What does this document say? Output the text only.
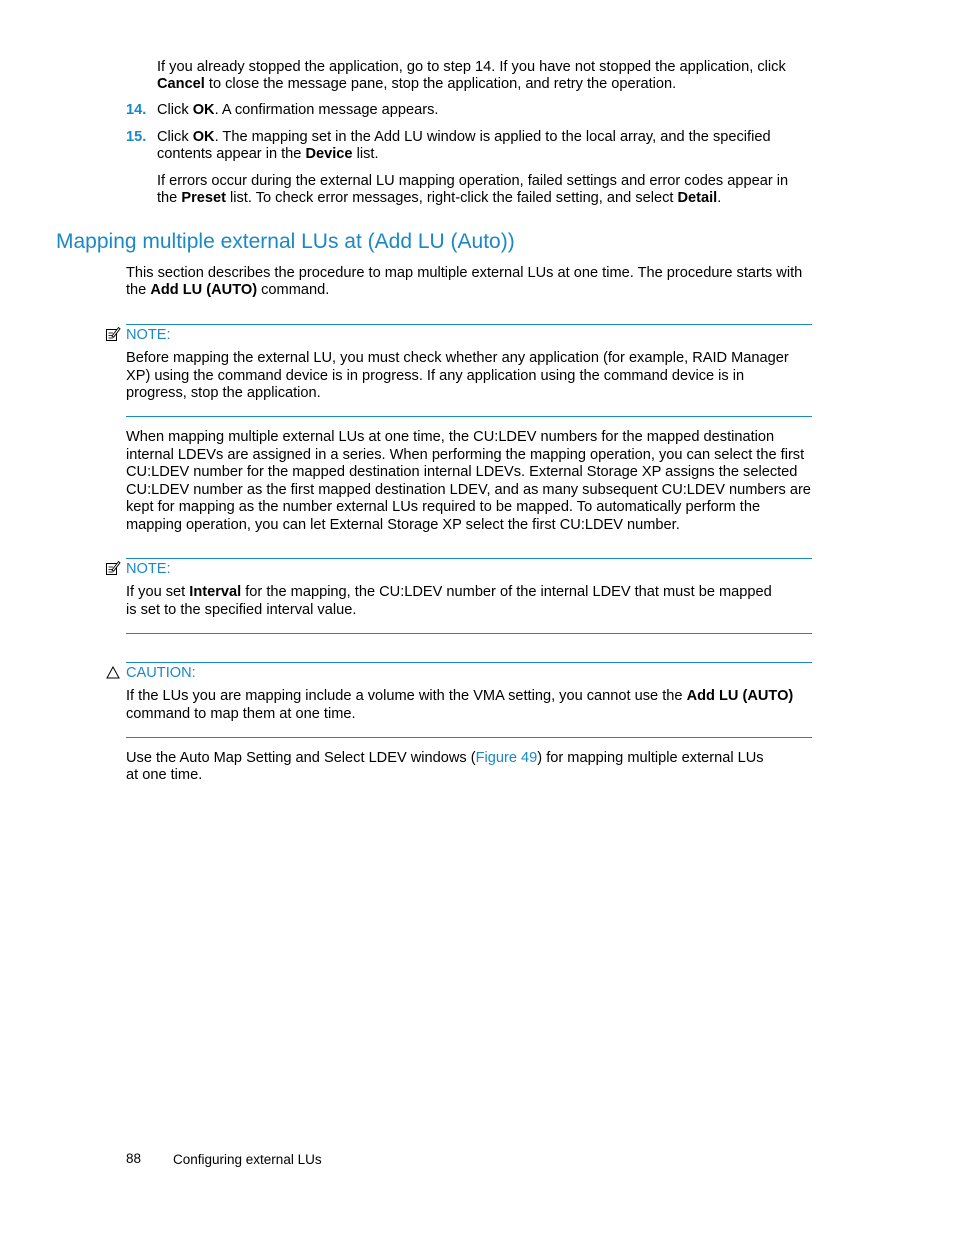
If you already stopped the application, go to step 14. If you have not stopped the application, click

Cancel to close the message pane, stop the application, and retry the operation.

14. Click OK. A confirmation message appears.

15. Click OK. The mapping set in the Add LU window is applied to the local array, and the specified

contents appear in the Device list.

If errors occur during the external LU mapping operation, failed settings and error codes appear in

the Preset list. To check error messages, right-click the failed setting, and select Detail.

Mapping multiple external LUs at (Add LU (Auto))

This section describes the procedure to map multiple external LUs at one time. The procedure starts with

the Add LU (AUTO) command.

NOTE:

Before mapping the external LU, you must check whether any application (for example, RAID Manager

XP) using the command device is in progress. If any application using the command device is in

progress, stop the application.

When mapping multiple external LUs at one time, the CU:LDEV numbers for the mapped destination

internal LDEVs are assigned in a series. When performing the mapping operation, you can select the first

CU:LDEV number for the mapped destination internal LDEVs. External Storage XP assigns the selected

CU:LDEV number as the first mapped destination LDEV, and as many subsequent CU:LDEV numbers are

kept for mapping as the number external LUs required to be mapped. To automatically perform the

mapping operation, you can let External Storage XP select the first CU:LDEV number.

NOTE:

If you set Interval for the mapping, the CU:LDEV number of the internal LDEV that must be mapped

is set to the specified interval value.

CAUTION:

If the LUs you are mapping include a volume with the VMA setting, you cannot use the Add LU (AUTO)

command to map them at one time.

Use the Auto Map Setting and Select LDEV windows (Figure 49) for mapping multiple external LUs

at one time.

88 Configuring external LUs
